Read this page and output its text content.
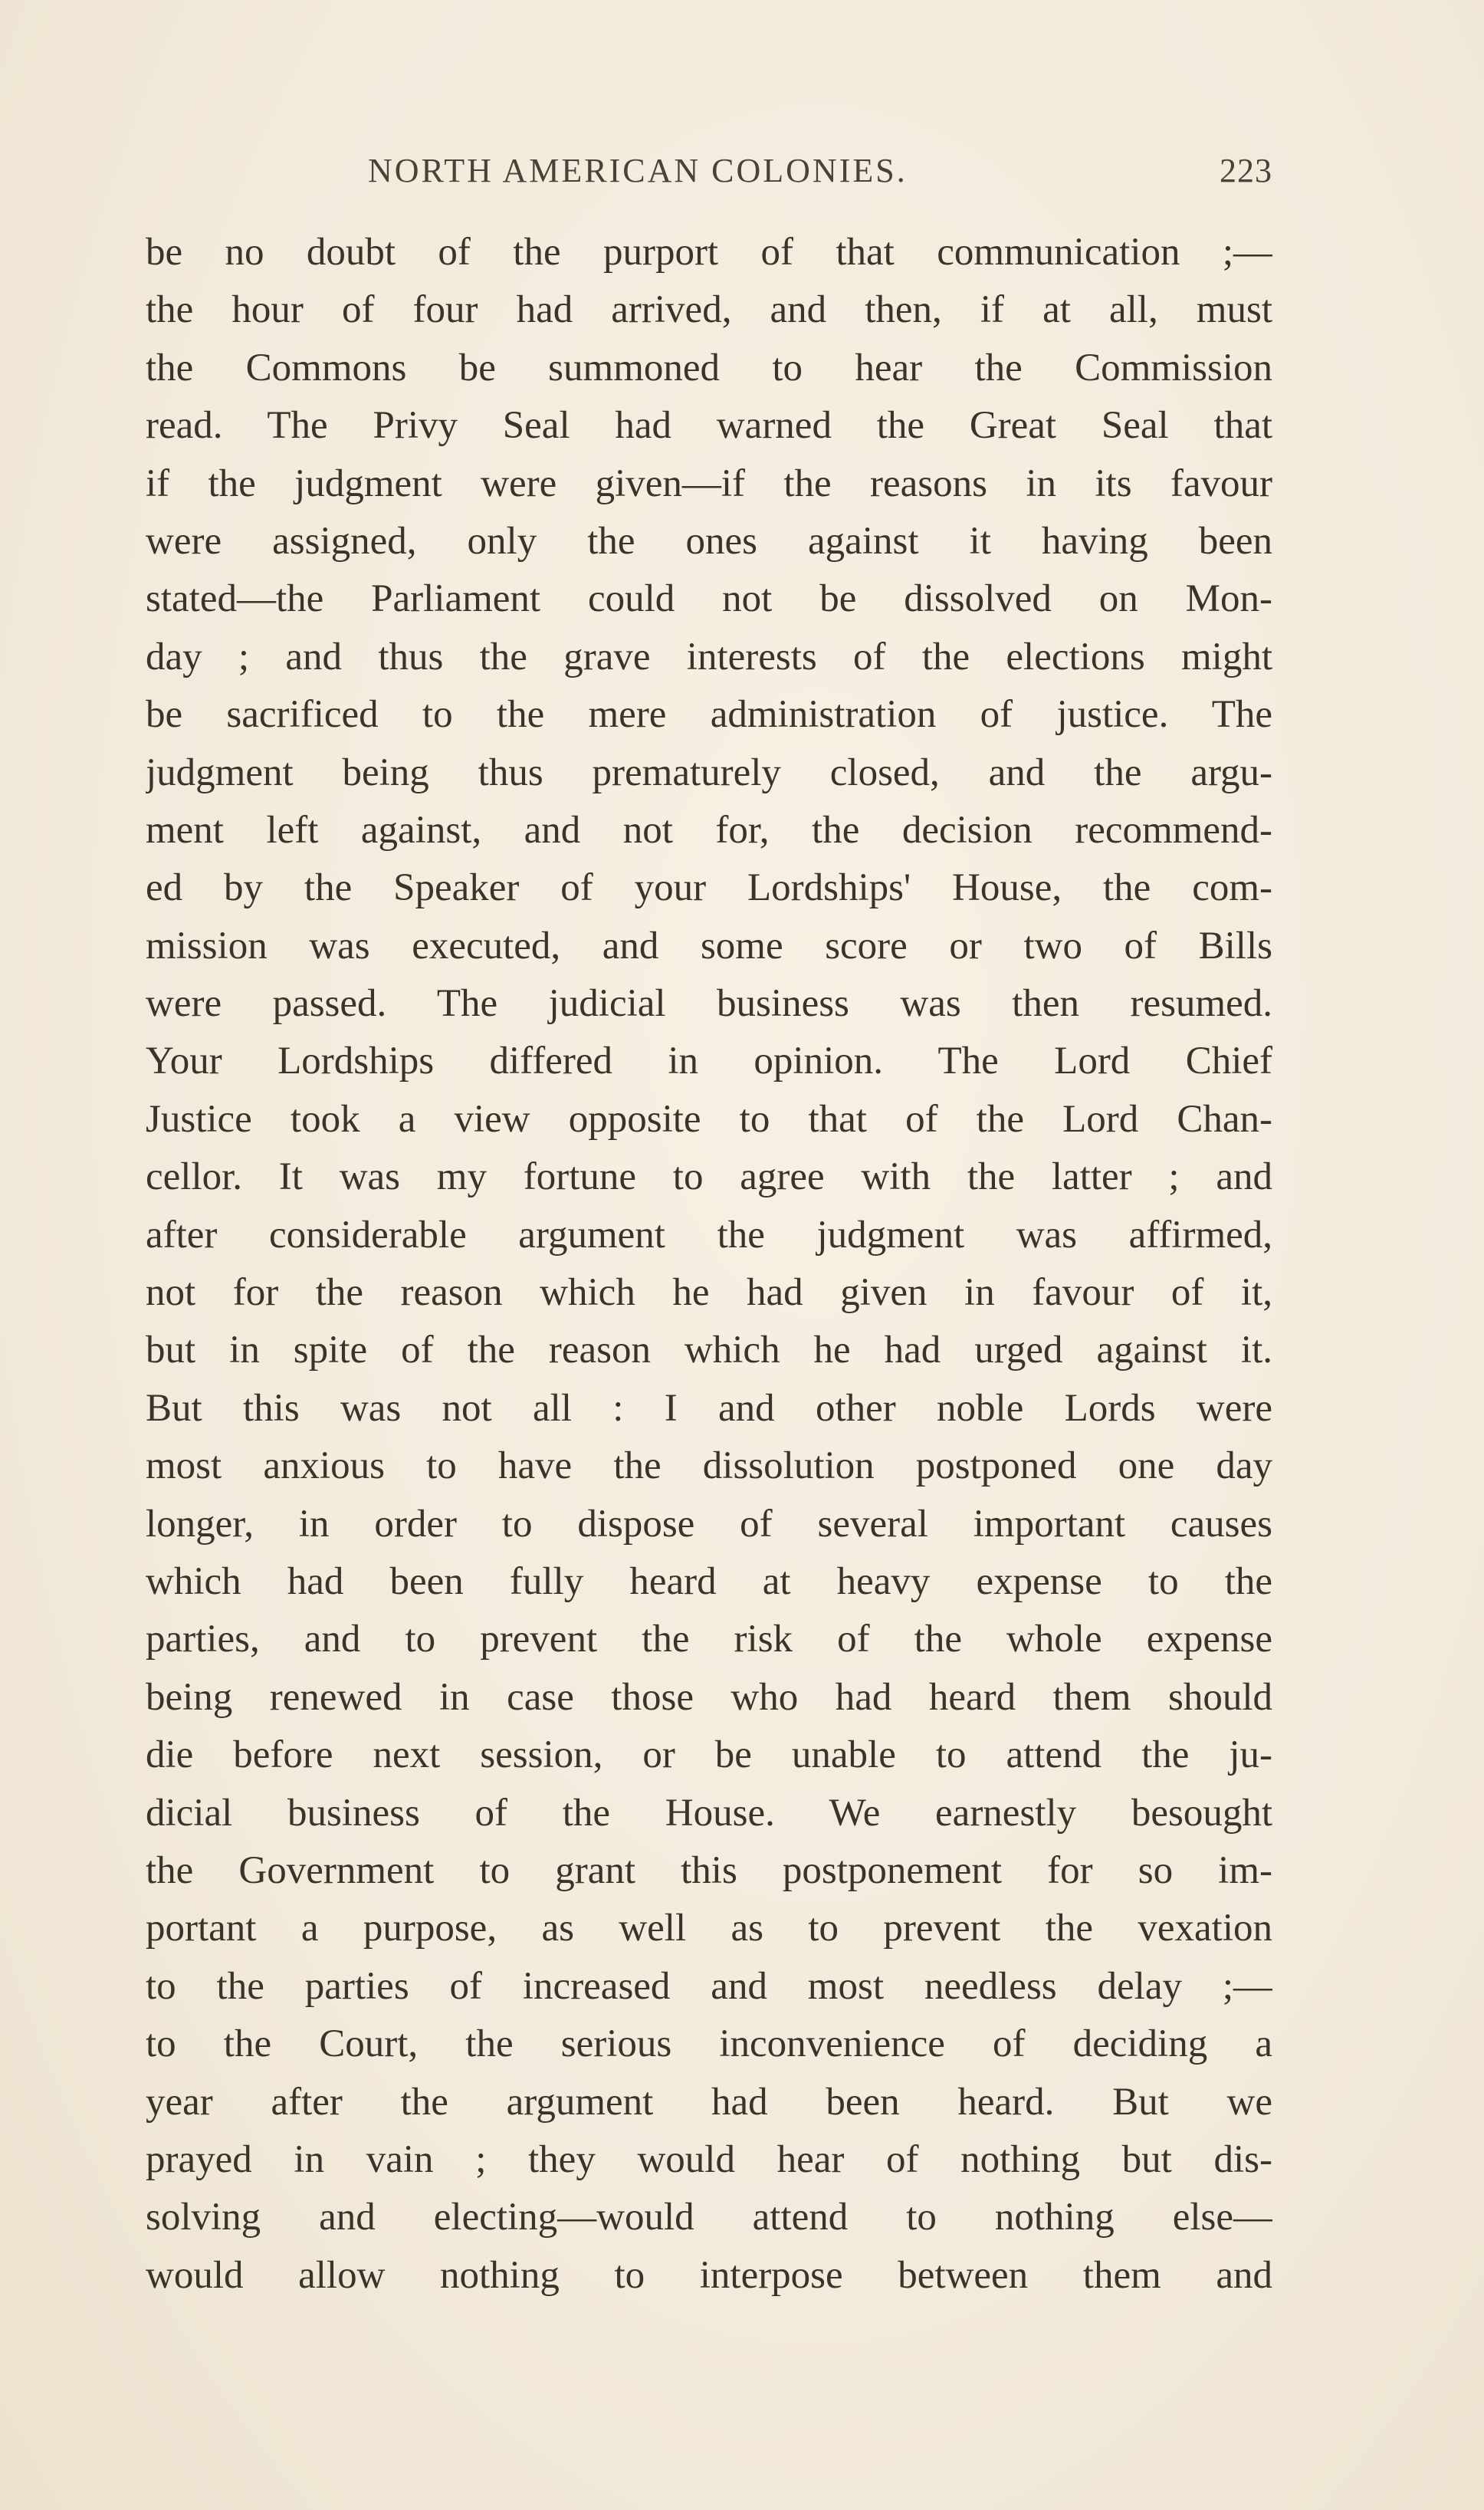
NORTH AMERICAN COLONIES.	223
be no doubt of the purport of that communication ;—
the hour of four had arrived, and then, if at all, must
the Commons be summoned to hear the Commission
read. The Privy Seal had warned the Great Seal that
if the judgment were given—if the reasons in its favour
were assigned, only the ones against it having been
stated—the Parliament could not be dissolved on Mon-
day ; and thus the grave interests of the elections might
be sacrificed to the mere administration of justice. The
judgment being thus prematurely closed, and the argu-
ment left against, and not for, the decision recommend-
ed by the Speaker of your Lordships' House, the com-
mission was executed, and some score or two of Bills
were passed. The judicial business was then resumed.
Your Lordships differed in opinion. The Lord Chief
Justice took a view opposite to that of the Lord Chan-
cellor. It was my fortune to agree with the latter ; and
after considerable argument the judgment was affirmed,
not for the reason which he had given in favour of it,
but in spite of the reason which he had urged against it.
But this was not all : I and other noble Lords were
most anxious to have the dissolution postponed one day
longer, in order to dispose of several important causes
which had been fully heard at heavy expense to the
parties, and to prevent the risk of the whole expense
being renewed in case those who had heard them should
die before next session, or be unable to attend the ju-
dicial business of the House. We earnestly besought
the Government to grant this postponement for so im-
portant a purpose, as well as to prevent the vexation
to the parties of increased and most needless delay ;—
to the Court, the serious inconvenience of deciding a
year after the argument had been heard. But we
prayed in vain ; they would hear of nothing but dis-
solving and electing—would attend to nothing else—
would allow nothing to interpose between them and
